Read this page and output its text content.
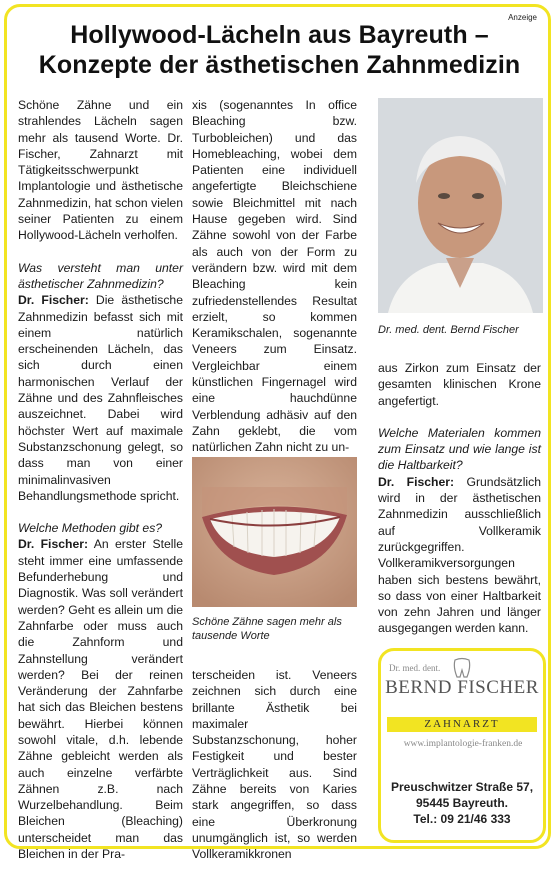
Anzeige
Hollywood-Lächeln aus Bayreuth –
Konzepte der ästhetischen Zahnmedizin

Schöne Zähne und ein strahlendes Lächeln sagen mehr als tausend Worte. Dr. Fischer, Zahnarzt mit Tätigkeitsschwerpunkt Implantologie und ästhetische Zahnmedizin, hat schon vielen seiner Patienten zu einem Hollywood-Lächeln verholfen.

Was versteht man unter ästhetischer Zahnmedizin?

Dr. Fischer: Die ästhetische Zahnmedizin befasst sich mit einem natürlich erscheinenden Lächeln, das sich durch einen harmonischen Verlauf der Zähne und des Zahnfleisches auszeichnet. Dabei wird höchster Wert auf maximale Substanzschonung gelegt, so dass man von einer minimalinvasiven Behandlungsmethode spricht.

Welche Methoden gibt es?

Dr. Fischer: An erster Stelle steht immer eine umfassende Befunderhebung und Diagnostik. Was soll verändert werden? Geht es allein um die Zahnfarbe oder muss auch die Zahnform und Zahnstellung verändert werden? Bei der reinen Veränderung der Zahnfarbe hat sich das Bleichen bestens bewährt. Hierbei können sowohl vitale, d.h. lebende Zähne gebleicht werden als auch einzelne verfärbte Zähnen z.B. nach Wurzelbehandlung. Beim Bleichen (Bleaching) unterscheidet man das Bleichen in der Pra-

xis (sogenanntes In office Bleaching bzw. Turbobleichen) und das Homebleaching, wobei dem Patienten eine individuell angefertigte Bleichschiene sowie Bleichmittel mit nach Hause gegeben wird. Sind Zähne sowohl von der Farbe als auch von der Form zu verändern bzw. wird mit dem Bleaching kein zufriedenstellendes Resultat erzielt, so kommen Keramikschalen, sogenannte Veneers zum Einsatz. Vergleichbar einem künstlichen Fingernagel wird eine hauchdünne Verblendung adhäsiv auf den Zahn geklebt, die vom natürlichen Zahn nicht zu un-

Schöne Zähne sagen mehr als tausende Worte

terscheiden ist. Veneers zeichnen sich durch eine brillante Ästhetik bei maximaler Substanzschonung, hoher Festigkeit und bester Verträglichkeit aus. Sind Zähne bereits von Karies stark angegriffen, so dass eine Überkronung unumgänglich ist, so werden Vollkeramikkronen

Dr. med. dent. Bernd Fischer

aus Zirkon zum Einsatz der gesamten klinischen Krone angefertigt.

Welche Materialen kommen zum Einsatz und wie lange ist die Haltbarkeit?

Dr. Fischer: Grundsätzlich wird in der ästhetischen Zahnmedizin ausschließlich auf Vollkeramik zurückgegriffen. Vollkeramikversorgungen haben sich bestens bewährt, so dass von einer Haltbarkeit von zehn Jahren und länger ausgegangen werden kann.

Dr. med. dent.
BERND FISCHER
ZAHNARZT
www.implantologie-franken.de
Preuschwitzer Straße 57,
95445 Bayreuth.
Tel.: 09 21/46 333
